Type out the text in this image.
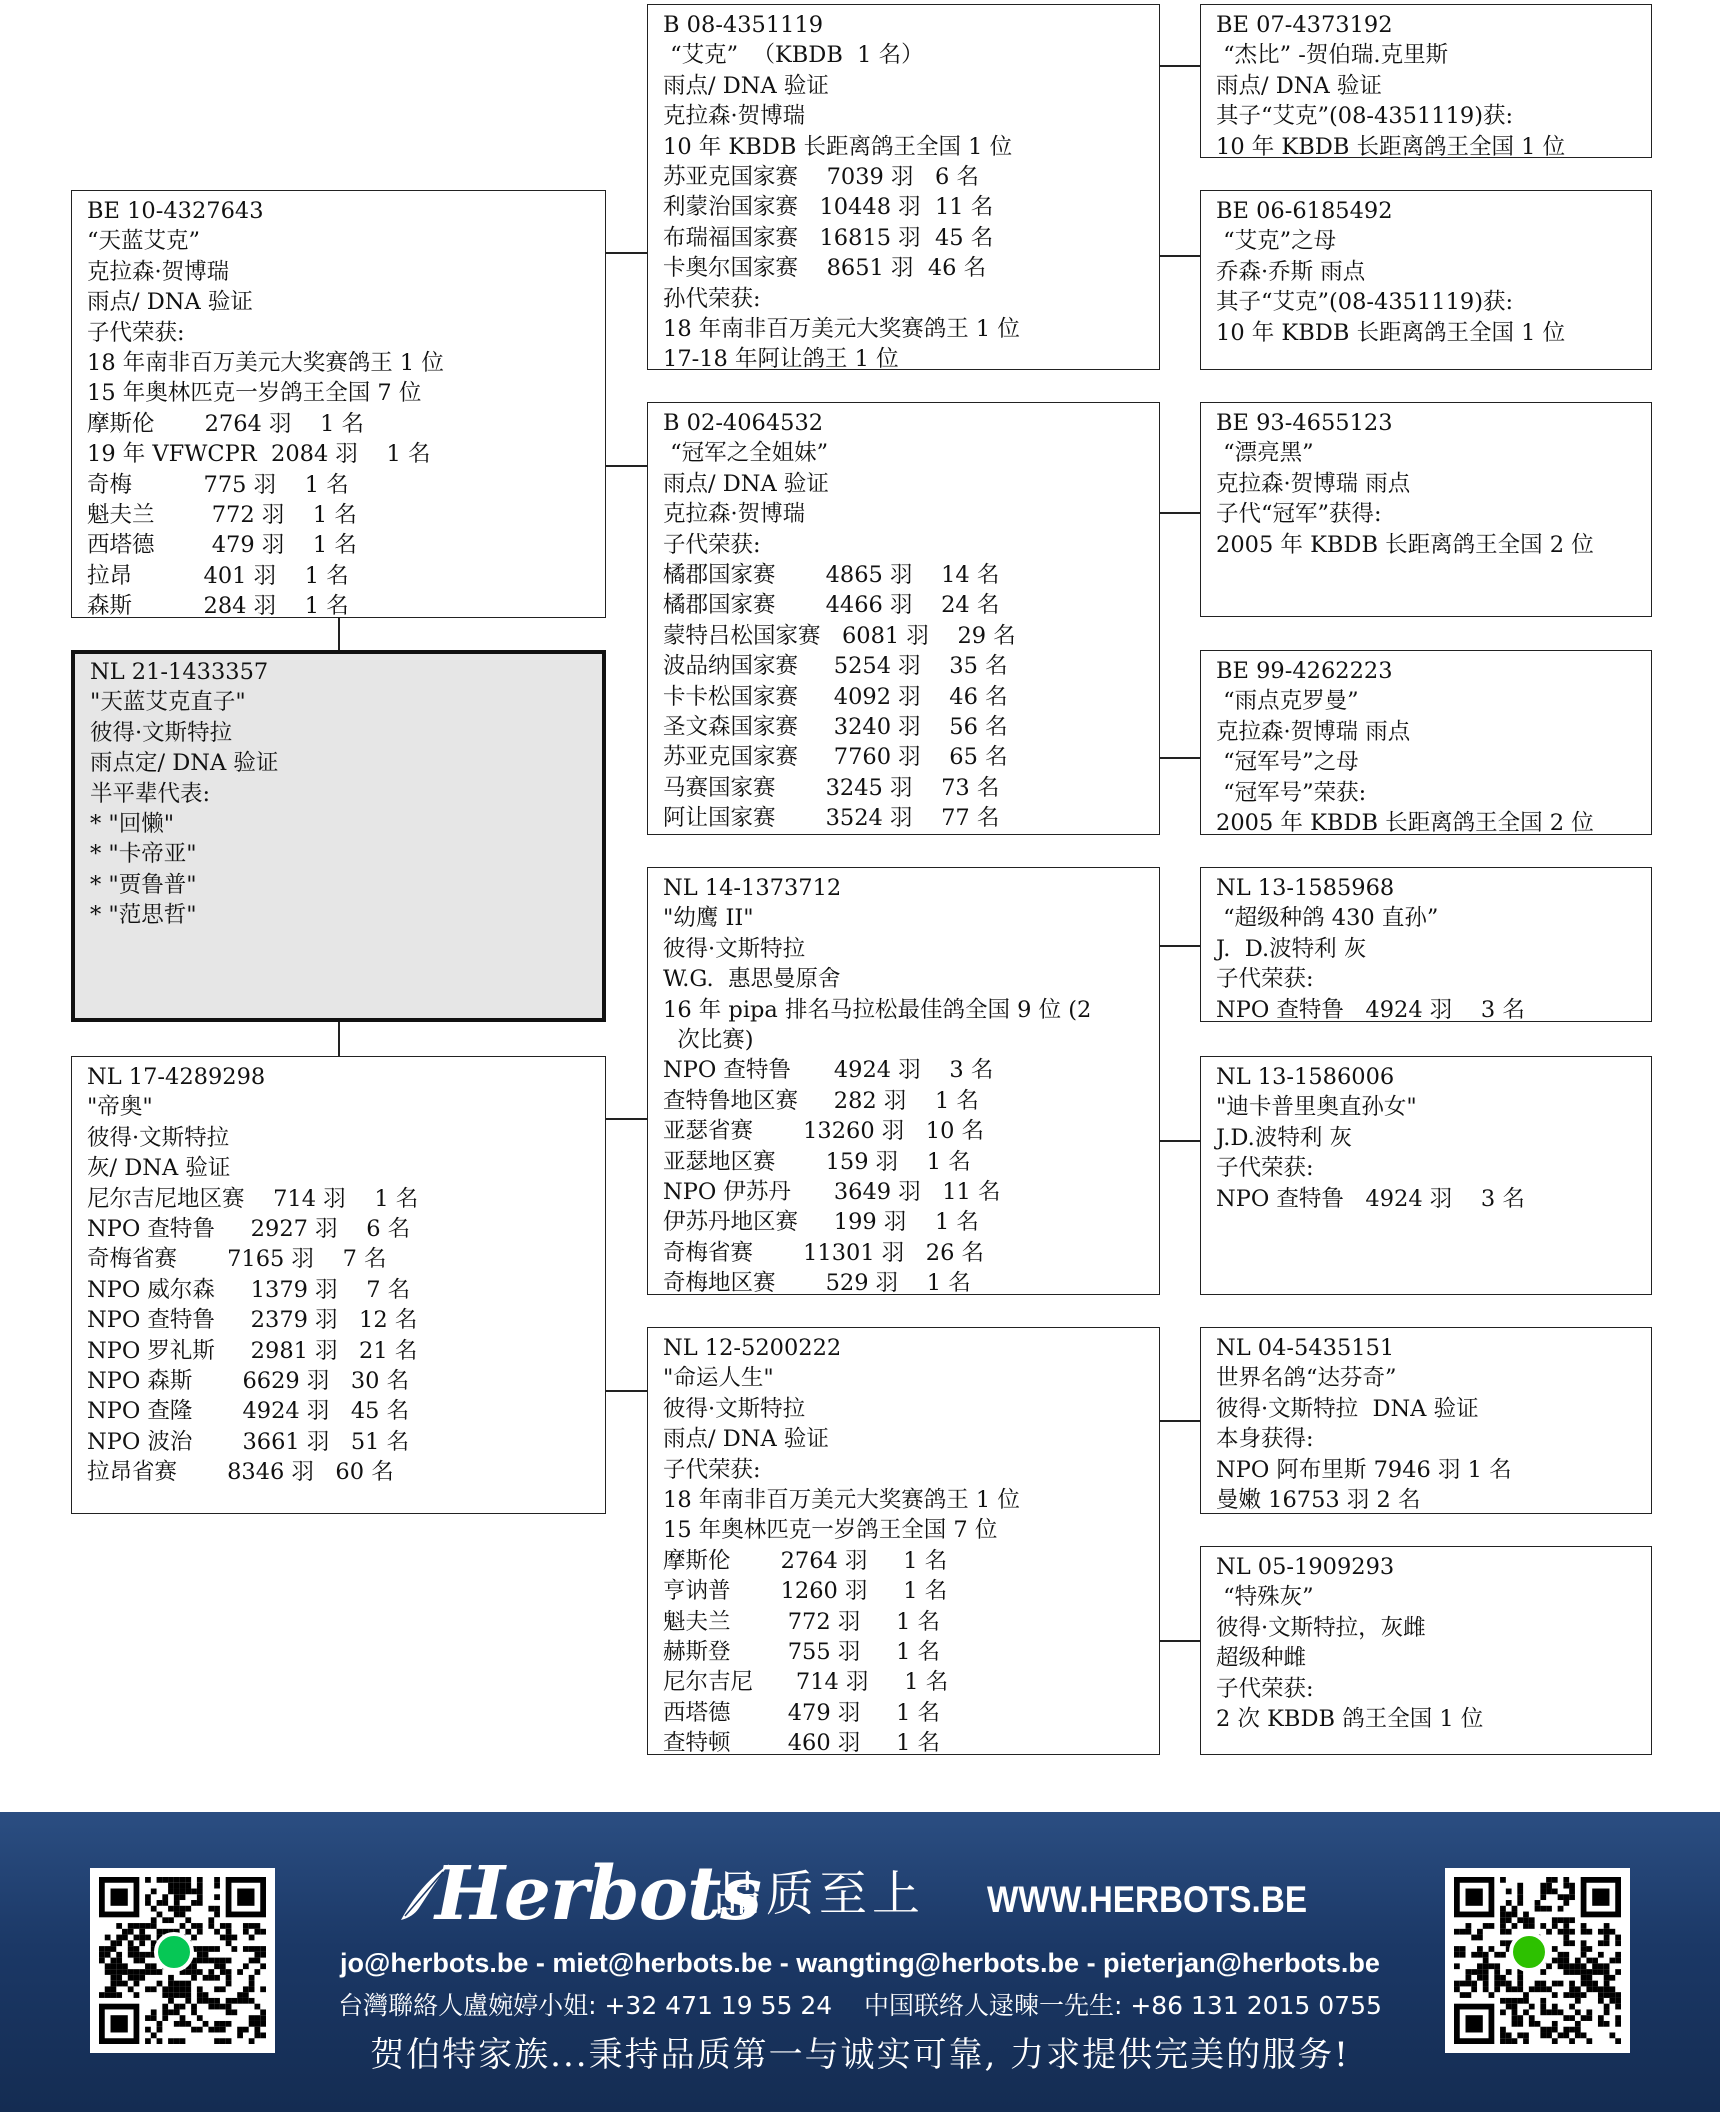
BE 10-4327643
“天蓝艾克”
克拉森·贺博瑞
雨点/ DNA 验证
子代荣获:
18 年南非百万美元大奖赛鸽王 1 位
15 年奥林匹克一岁鸽王全国 7 位
摩斯伦       2764 羽    1 名
19 年 VFWCPR  2084 羽    1 名
奇梅          775 羽    1 名
魁夫兰        772 羽    1 名
西塔德        479 羽    1 名
拉昂          401 羽    1 名
森斯          284 羽    1 名
NL 21-1433357
"天蓝艾克直子"
彼得·文斯特拉
雨点定/ DNA 验证
半平辈代表:
* "回懒"
* "卡帝亚"
* "贾鲁普"
* "范思哲"
NL 17-4289298
"帝奥"
彼得·文斯特拉
灰/ DNA 验证
尼尔吉尼地区赛    714 羽    1 名
NPO 查特鲁     2927 羽    6 名
奇梅省赛       7165 羽    7 名
NPO 威尔森     1379 羽    7 名
NPO 查特鲁     2379 羽   12 名
NPO 罗礼斯     2981 羽   21 名
NPO 森斯       6629 羽   30 名
NPO 查隆       4924 羽   45 名
NPO 波治       3661 羽   51 名
拉昂省赛       8346 羽   60 名
B 08-4351119
“艾克”  （KBDB  1 名）
雨点/ DNA 验证
克拉森·贺博瑞
10 年 KBDB 长距离鸽王全国 1 位
苏亚克国家赛    7039 羽   6 名
利蒙治国家赛   10448 羽  11 名
布瑞福国家赛   16815 羽  45 名
卡奥尔国家赛    8651 羽  46 名
孙代荣获:
18 年南非百万美元大奖赛鸽王 1 位
17-18 年阿让鸽王 1 位
B 02-4064532
“冠军之全姐妹”
雨点/ DNA 验证
克拉森·贺博瑞
子代荣获:
橘郡国家赛       4865 羽    14 名
橘郡国家赛       4466 羽    24 名
蒙特吕松国家赛   6081 羽    29 名
波品纳国家赛     5254 羽    35 名
卡卡松国家赛     4092 羽    46 名
圣文森国家赛     3240 羽    56 名
苏亚克国家赛     7760 羽    65 名
马赛国家赛       3245 羽    73 名
阿让国家赛       3524 羽    77 名
NL 14-1373712
"幼鹰 II"
彼得·文斯特拉
W.G.  惠思曼原舍
16 年 pipa 排名马拉松最佳鸽全国 9 位 (2
次比赛)
NPO 查特鲁      4924 羽    3 名
查特鲁地区赛     282 羽    1 名
亚瑟省赛       13260 羽   10 名
亚瑟地区赛       159 羽    1 名
NPO 伊苏丹      3649 羽   11 名
伊苏丹地区赛     199 羽    1 名
奇梅省赛       11301 羽   26 名
奇梅地区赛       529 羽    1 名
NL 12-5200222
"命运人生"
彼得·文斯特拉
雨点/ DNA 验证
子代荣获:
18 年南非百万美元大奖赛鸽王 1 位
15 年奥林匹克一岁鸽王全国 7 位
摩斯伦       2764 羽     1 名
亨讷普       1260 羽     1 名
魁夫兰        772 羽     1 名
赫斯登        755 羽     1 名
尼尔吉尼      714 羽     1 名
西塔德        479 羽     1 名
查特顿        460 羽     1 名
BE 07-4373192
“杰比” -贺伯瑞.克里斯
雨点/ DNA 验证
其子“艾克”(08-4351119)获:
10 年 KBDB 长距离鸽王全国 1 位
BE 06-6185492
“艾克”之母
乔森·乔斯 雨点
其子“艾克”(08-4351119)获:
10 年 KBDB 长距离鸽王全国 1 位
BE 93-4655123
“漂亮黑”
克拉森·贺博瑞 雨点
子代“冠军”获得:
2005 年 KBDB 长距离鸽王全国 2 位
BE 99-4262223
“雨点克罗曼”
克拉森·贺博瑞 雨点
“冠军号”之母
“冠军号”荣获:
2005 年 KBDB 长距离鸽王全国 2 位
NL 13-1585968
“超级种鸽 430 直孙”
J.  D.波特利 灰
子代荣获:
NPO 查特鲁   4924 羽    3 名
NL 13-1586006
"迪卡普里奥直孙女"
J.D.波特利 灰
子代荣获:
NPO 查特鲁   4924 羽    3 名
NL 04-5435151
世界名鸽“达芬奇”
彼得·文斯特拉  DNA 验证
本身获得:
NPO 阿布里斯 7946 羽 1 名
曼嫩 16753 羽 2 名
NL 05-1909293
“特殊灰”
彼得·文斯特拉，灰雌
超级种雌
子代荣获:
2 次 KBDB 鸽王全国 1 位
Herbots
品质至上 WWW.HERBOTS.BE
jo@herbots.be - miet@herbots.be - wangting@herbots.be - pieterjan@herbots.be
台灣聯絡人盧婉婷小姐: +32 471 19 55 24    中国联络人逯暕一先生: +86 131 2015 0755
贺伯特家族...秉持品质第一与诚实可靠, 力求提供完美的服务!
